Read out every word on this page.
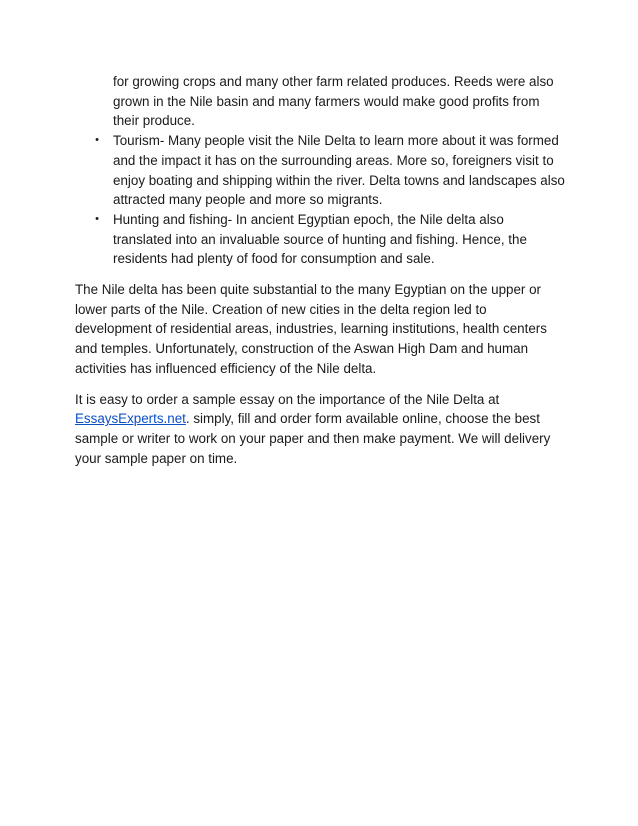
for growing crops and many other farm related produces. Reeds were also grown in the Nile basin and many farmers would make good profits from their produce.
• Tourism- Many people visit the Nile Delta to learn more about it was formed and the impact it has on the surrounding areas. More so, foreigners visit to enjoy boating and shipping within the river. Delta towns and landscapes also attracted many people and more so migrants.
• Hunting and fishing- In ancient Egyptian epoch, the Nile delta also translated into an invaluable source of hunting and fishing. Hence, the residents had plenty of food for consumption and sale.

The Nile delta has been quite substantial to the many Egyptian on the upper or lower parts of the Nile. Creation of new cities in the delta region led to development of residential areas, industries, learning institutions, health centers and temples. Unfortunately, construction of the Aswan High Dam and human activities has influenced efficiency of the Nile delta.

It is easy to order a sample essay on the importance of the Nile Delta at EssaysExperts.net. simply, fill and order form available online, choose the best sample or writer to work on your paper and then make payment. We will delivery your sample paper on time.
